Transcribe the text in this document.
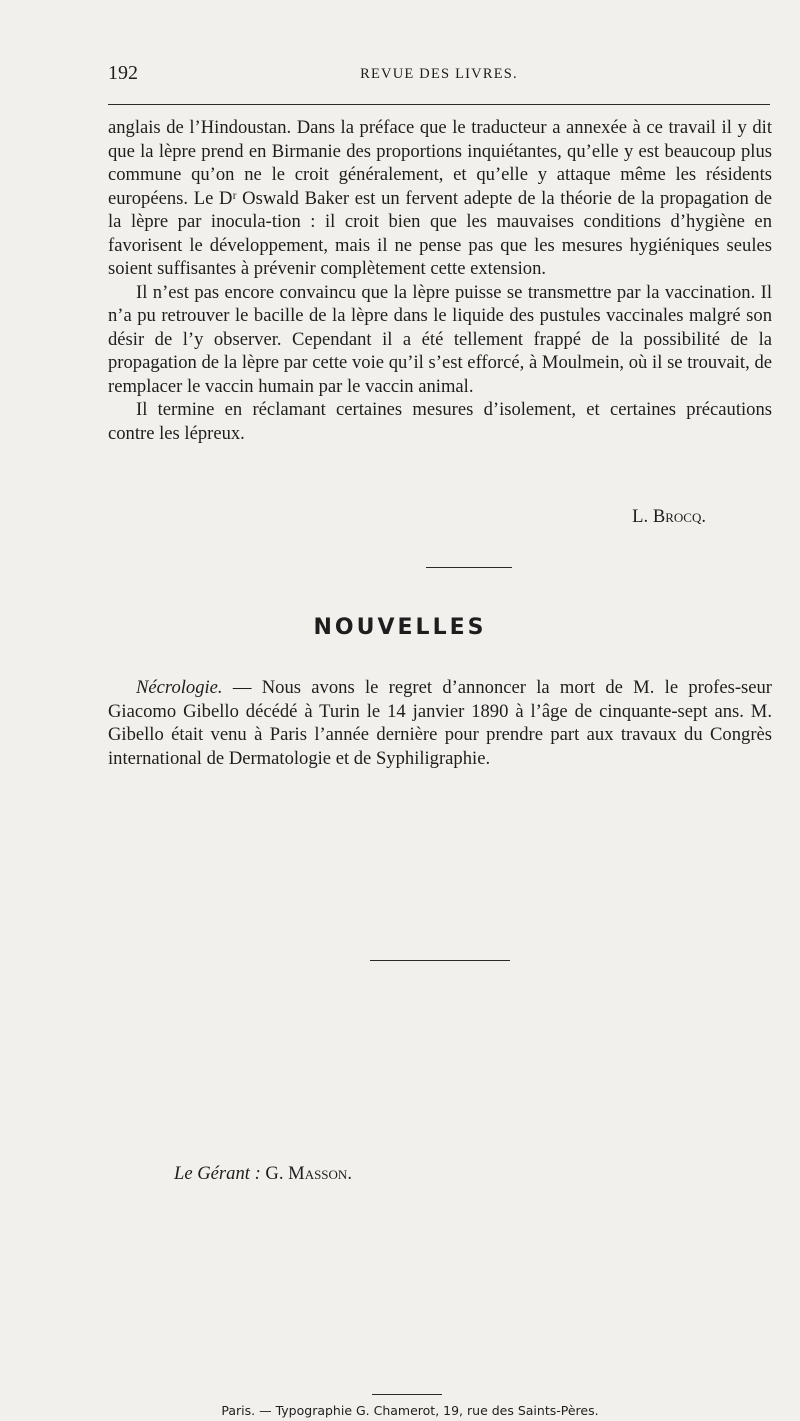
192	REVUE DES LIVRES.

anglais de l’Hindoustan. Dans la préface que le traducteur a annexée à ce travail il y dit que la lèpre prend en Birmanie des proportions inquiétantes, qu’elle y est beaucoup plus commune qu’on ne le croit généralement, et qu’elle y attaque même les résidents européens. Le Dʳ Oswald Baker est un fervent adepte de la théorie de la propagation de la lèpre par inocula-tion : il croit bien que les mauvaises conditions d’hygiène en favorisent le développement, mais il ne pense pas que les mesures hygiéniques seules soient suffisantes à prévenir complètement cette extension.

Il n’est pas encore convaincu que la lèpre puisse se transmettre par la vaccination. Il n’a pu retrouver le bacille de la lèpre dans le liquide des pustules vaccinales malgré son désir de l’y observer. Cependant il a été tellement frappé de la possibilité de la propagation de la lèpre par cette voie qu’il s’est efforcé, à Moulmein, où il se trouvait, de remplacer le vaccin humain par le vaccin animal.

Il termine en réclamant certaines mesures d’isolement, et certaines précautions contre les lépreux.

L. Brocq.
NOUVELLES

Nécrologie. — Nous avons le regret d’annoncer la mort de M. le profes-seur Giacomo Gibello décédé à Turin le 14 janvier 1890 à l’âge de cinquante-sept ans. M. Gibello était venu à Paris l’année dernière pour prendre part aux travaux du Congrès international de Dermatologie et de Syphiligraphie.

Le Gérant : G. Masson.
Paris. — Typographie G. Chamerot, 19, rue des Saints-Pères.
